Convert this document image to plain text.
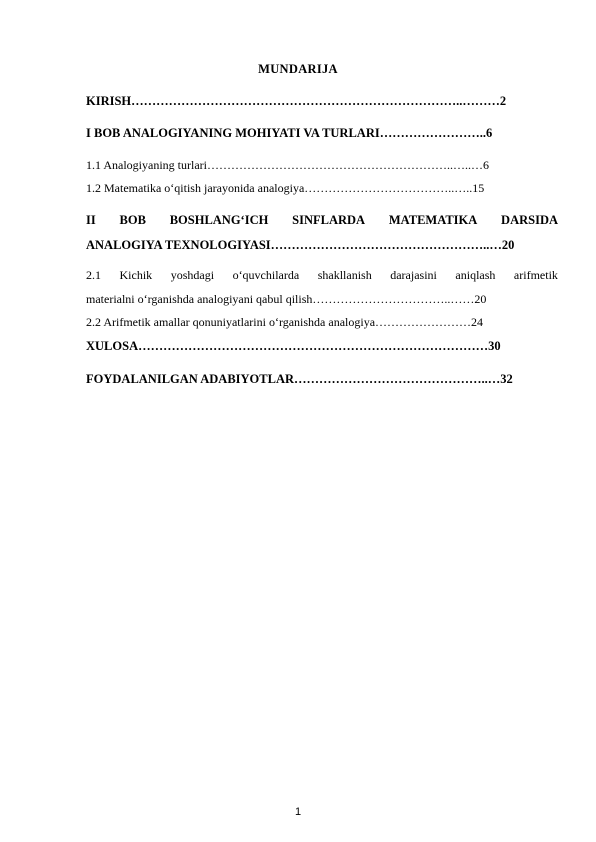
MUNDARIJA
KIRISH……………………………………………………………………..………2
I BOB ANALOGIYANING MOHIYATI VA TURLARI……………………..6
1.1 Analogiyaning turlari……………………………………………………..…..…6
1.2 Matematika o‘qitish jarayonida analogiya………………………………..…..15
II BOB BOSHLANG‘ICH SINFLARDA MATEMATIKA DARSIDA
ANALOGIYA TEXNOLOGIYASI……………………………………………..…20
2.1 Kichik yoshdagi o‘quvchilarda shakllanish darajasini aniqlash arifmetik
materialni o‘rganishda analogiyani qabul qilish……………………………..……20
2.2 Arifmetik amallar qonuniyatlarini o‘rganishda analogiya……………………24
XULOSA…………………………………………………………………………30
FOYDALANILGAN ADABIYOTLAR………………………………………..…32
1
